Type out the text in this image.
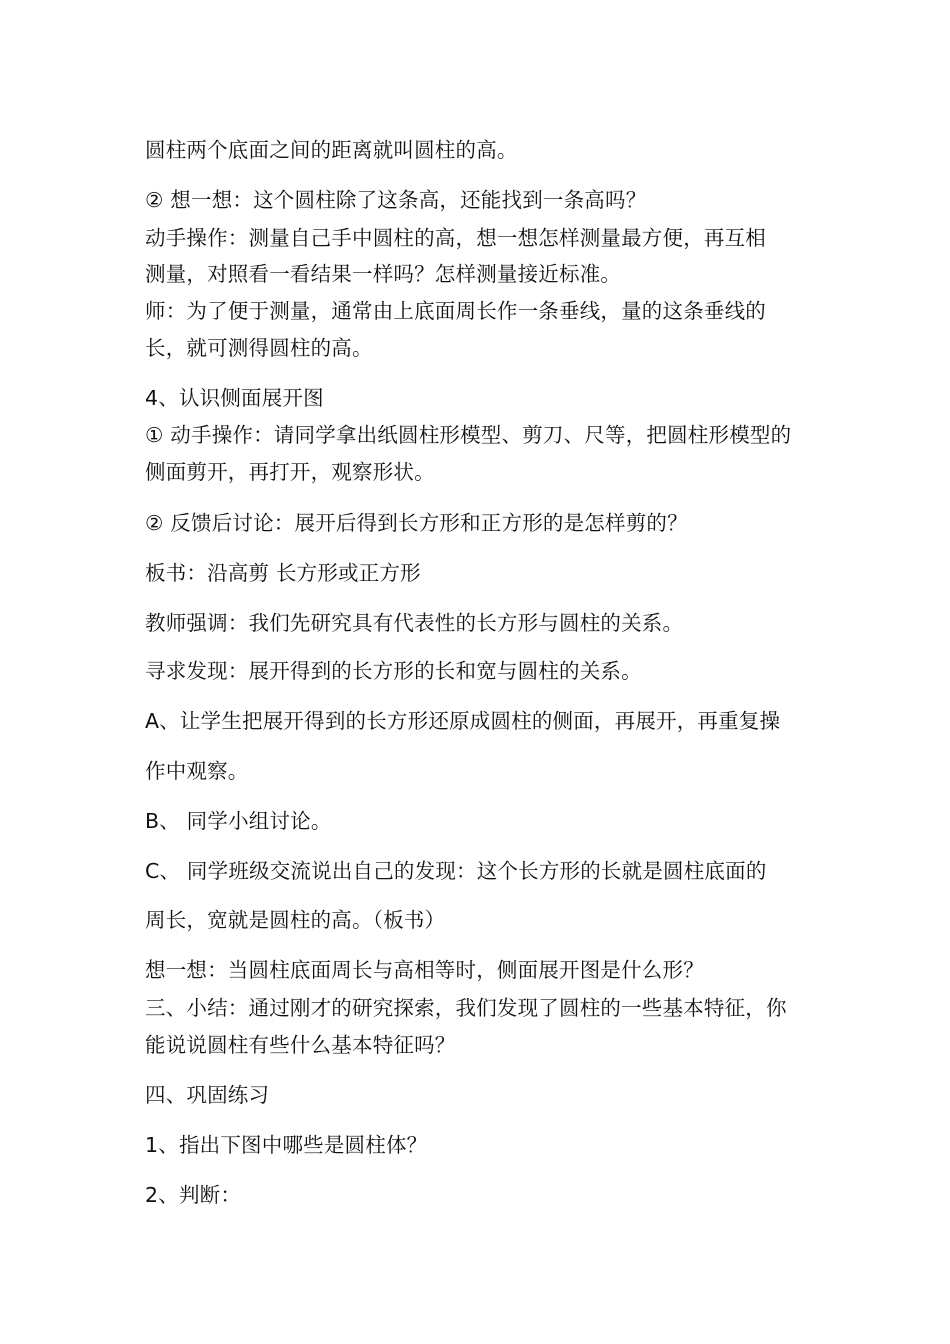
圆柱两个底面之间的距离就叫圆柱的高。
② 想一想：这个圆柱除了这条高，还能找到一条高吗？
动手操作：测量自己手中圆柱的高，想一想怎样测量最方便，再互相
测量，对照看一看结果一样吗？怎样测量接近标准。
师：为了便于测量，通常由上底面周长作一条垂线，量的这条垂线的
长，就可测得圆柱的高。
4、认识侧面展开图
① 动手操作：请同学拿出纸圆柱形模型、剪刀、尺等，把圆柱形模型的
侧面剪开，再打开，观察形状。
② 反馈后讨论：展开后得到长方形和正方形的是怎样剪的？
板书：沿高剪 长方形或正方形
教师强调：我们先研究具有代表性的长方形与圆柱的关系。
寻求发现：展开得到的长方形的长和宽与圆柱的关系。
A、让学生把展开得到的长方形还原成圆柱的侧面，再展开，再重复操
作中观察。
B、 同学小组讨论。
C、 同学班级交流说出自己的发现：这个长方形的长就是圆柱底面的
周长，宽就是圆柱的高。（板书）
想一想：当圆柱底面周长与高相等时，侧面展开图是什么形？
三、小结：通过刚才的研究探索，我们发现了圆柱的一些基本特征，你
能说说圆柱有些什么基本特征吗？
四、巩固练习
1、指出下图中哪些是圆柱体？
2、判断：
